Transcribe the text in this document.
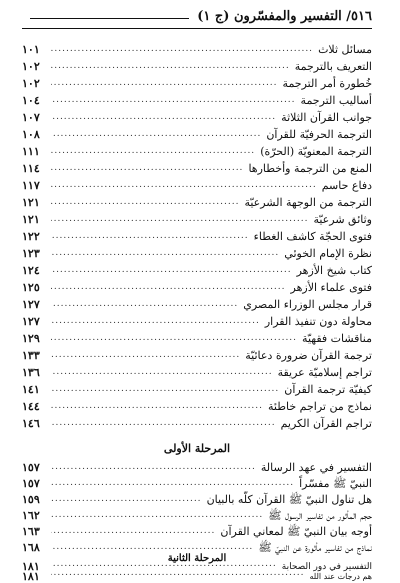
٥١٦/ التفسير والمفسّرون (ج ١)
مسائل ثلاث
.....
١٠١
التعريف بالترجمة
.....
١٠٢
خُطورة أمر الترجمة
.....
١٠٢
أساليب الترجمة
.....
١٠٤
جوانب القرآن الثلاثة
.....
١٠٧
الترجمة الحرفيّة للقرآن
.....
١٠٨
الترجمة المعنويّة (الحرّة)
.....
١١١
المنع من الترجمة وأخطارها
.....
١١٤
دفاع حاسم
.....
١١٧
الترجمة من الوجهة الشرعيّة
.....
١٢١
وثائق شرعيّة
.....
١٢١
فتوى الحجّة كاشف الغطاء
.....
١٢٢
نظرة الإمام الخوئي
.....
١٢٣
كتاب شيخ الأزهر
.....
١٢٤
فتوى علماء الأزهر
.....
١٢٥
قرار مجلس الوزراء المصري
.....
١٢٧
محاولة دون تنفيذ القرار
.....
١٢٧
مناقشات فقهيّة
.....
١٢٩
ترجمة القرآن ضرورة دعائيّة
.....
١٣٣
تراجم إسلاميّة عريقة
.....
١٣٦
كيفيّة ترجمة القرآن
.....
١٤١
نماذج من تراجم خاطئة
.....
١٤٤
تراجم القرآن الكريم
.....
١٤٦
المرحلة الأولى
التفسير في عهد الرسالة
.....
١٥٧
النبيّ ﷺ مفسّراً
.....
١٥٧
هل تناول النبيّ ﷺ القرآن كلّه بالبيان
.....
١٥٩
حجم المأثور من تفاسير الرسول ﷺ
.....
١٦٢
أوجه بيان النبيّ ﷺ لمعاني القرآن
.....
١٦٣
نماذج من تفاسير مأثورة عن النبيّ ﷺ
.....
١٦٨
المرحلة الثانية
التفسير في دور الصحابة
.....
١٨١
هم درجات عند الله
.....
١٨١
